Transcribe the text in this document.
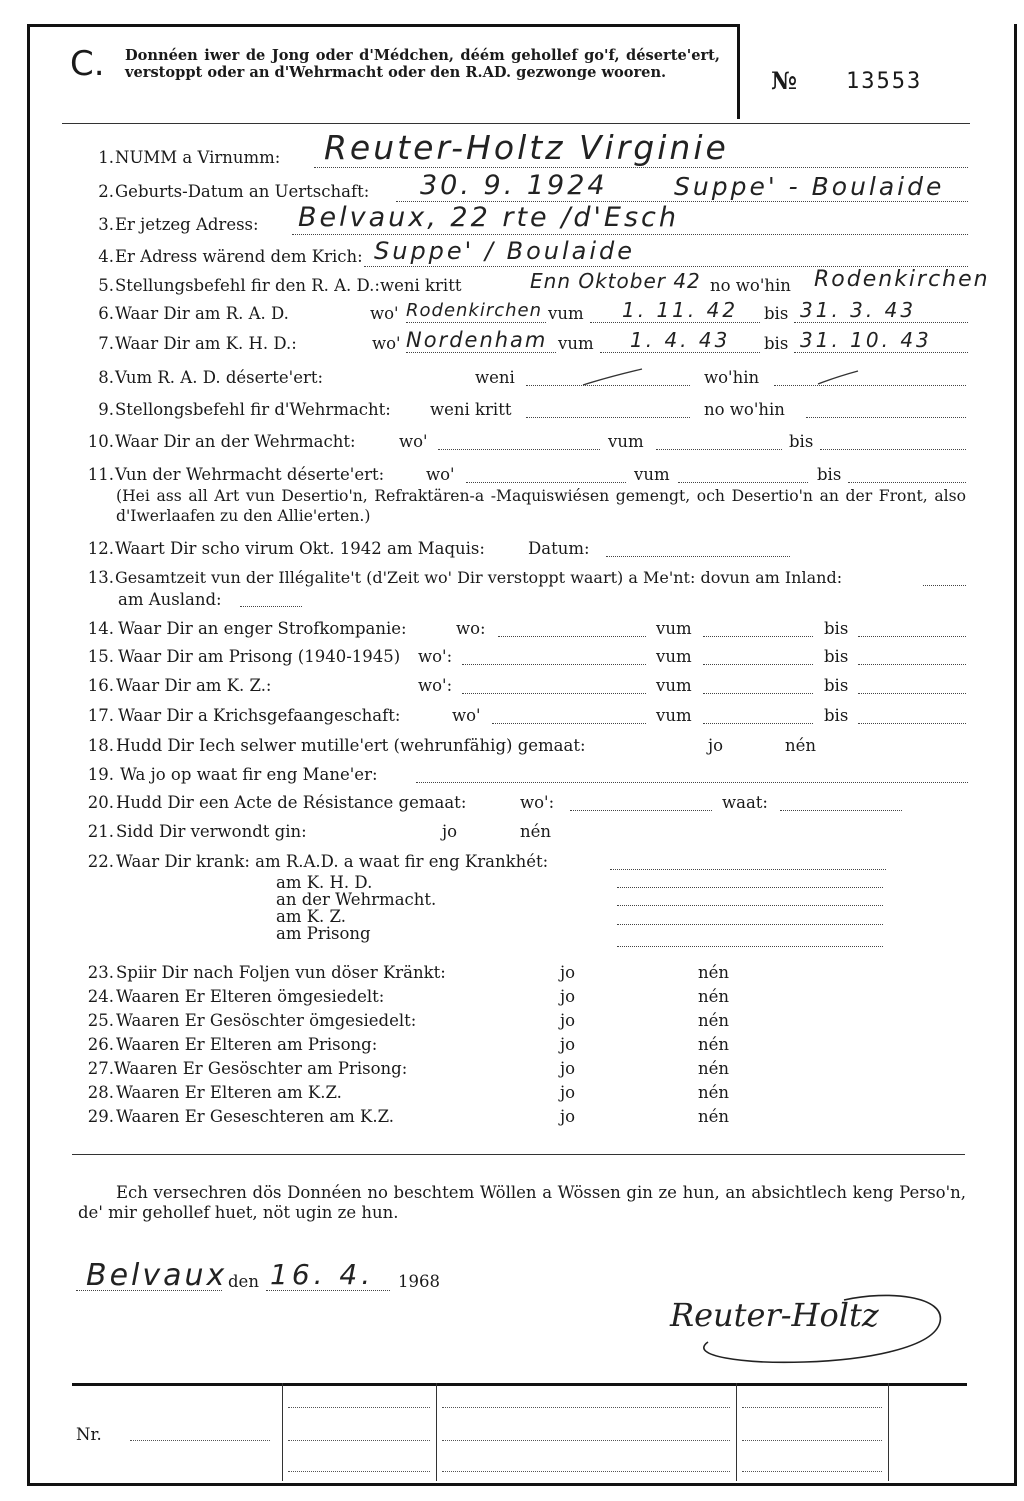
C. Donnéen iwer de Jong oder d'Médchen, déém gehollef go'f, déserte'ert, verstoppt oder an d'Wehrmacht oder den R.AD. gezwonge wooren.	№ 13553
1. NUMM a Virnumm: Reuter-Holtz Virginie
2. Geburts-Datum an Uertschaft: 30. 9. 1924	Suppe' - Boulaide
3. Er jetzeg Adress: Belvaux, 22 rte /d'Esch
4. Er Adress wärend dem Krich: Suppe' / Boulaide
5. Stellungsbefehl fir den R. A. D.: weni kritt	no wo'hin
Enn Oktober 42	Rodenkirchen
6. Waar Dir am R. A. D.	wo'	vum	bis
Rodenkirchen	1. 11. 42	31. 3. 43
7. Waar Dir am K. H. D.:	wo'	vum	bis
Nordenham	1. 4. 43	31. 10. 43
8. Vum R. A. D. déserte'ert:	weni	wo'hin
9. Stellongsbefehl fir d'Wehrmacht: weni kritt	no wo'hin
10. Waar Dir an der Wehrmacht:	wo'	vum	bis
11. Vun der Wehrmacht déserte'ert:	wo'	vum	bis
(Hei ass all Art vun Desertio'n, Refraktären-a -Maquiswiésen gemengt, och Desertio'n an der Front, also d'Iwerlaafen zu den Allie'erten.)
12. Waart Dir scho virum Okt. 1942 am Maquis:	Datum:
13. Gesamtzeit vun der Illégalite't (d'Zeit wo' Dir verstoppt waart) a Me'nt: dovun am Inland:
am Ausland:
14. Waar Dir an enger Strofkompanie:	wo:	vum	bis
15. Waar Dir am Prisong (1940-1945) wo':	vum	bis
16. Waar Dir am K. Z.:	wo':	vum	bis
17. Waar Dir a Krichsgefaangeschaft:	wo'	vum	bis
18. Hudd Dir Iech selwer mutille'ert (wehrunfähig) gemaat:	jo	nén
19. Wa jo op waat fir eng Mane'er:
20. Hudd Dir een Acte de Résistance gemaat:	wo':	waat:
21. Sidd Dir verwondt gin:	jo	nén
22. Waar Dir krank: am R.A.D. a waat fir eng Krankhét:
am K. H. D.
an der Wehrmacht.
am K. Z.
am Prisong
23. Spiir Dir nach Foljen vun döser Kränkt:	jo	nén
24. Waaren Er Elteren ömgesiedelt:	jo	nén
25. Waaren Er Gesöschter ömgesiedelt:	jo	nén
26. Waaren Er Elteren am Prisong:	jo	nén
27. Waaren Er Gesöschter am Prisong:	jo	nén
28. Waaren Er Elteren am K.Z.	jo	nén
29. Waaren Er Geseschteren am K.Z.	jo	nén
Ech versechren dös Donnéen no beschtem Wöllen a Wössen gin ze hun, an absichtlech keng Perso'n, de' mir gehollef huet, nöt ugin ze hun.
Belvaux den 16. 4. 1968
Reuter-Holtz
Nr.
